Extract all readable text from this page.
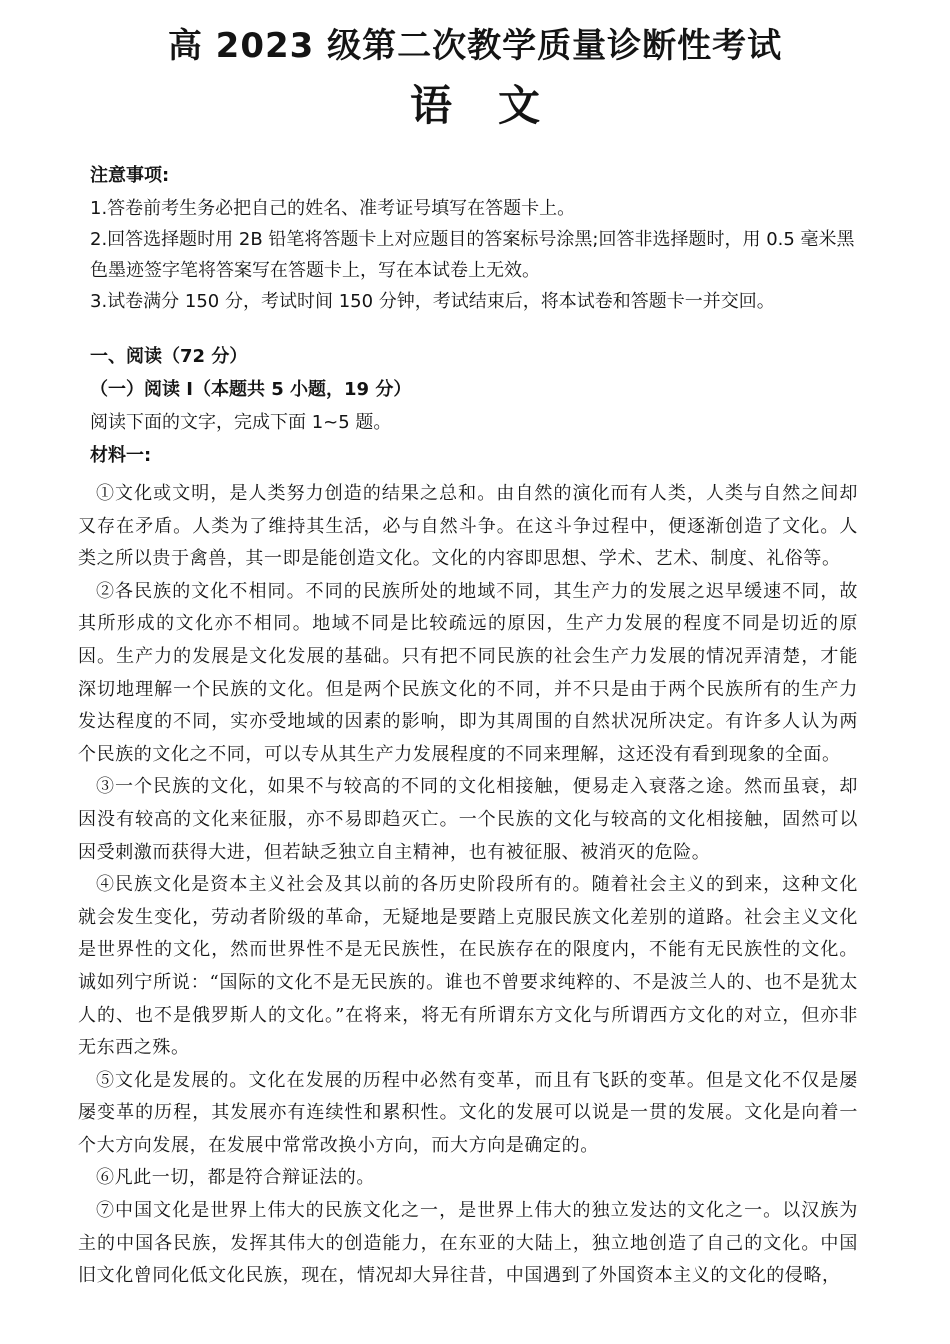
高 2023 级第二次教学质量诊断性考试
语文
注意事项:

1.答卷前考生务必把自己的姓名、准考证号填写在答题卡上。

2.回答选择题时用 2B 铅笔将答题卡上对应题目的答案标号涂黑;回答非选择题时，用 0.5 毫米黑色墨迹签字笔将答案写在答题卡上，写在本试卷上无效。

3.试卷满分 150 分，考试时间 150 分钟，考试结束后，将本试卷和答题卡一并交回。

一、阅读（72 分）

（一）阅读 I（本题共 5 小题，19 分）

阅读下面的文字，完成下面 1~5 题。

材料一:

①文化或文明，是人类努力创造的结果之总和。由自然的演化而有人类，人类与自然之间却又存在矛盾。人类为了维持其生活，必与自然斗争。在这斗争过程中，便逐渐创造了文化。人类之所以贵于禽兽，其一即是能创造文化。文化的内容即思想、学术、艺术、制度、礼俗等。

②各民族的文化不相同。不同的民族所处的地域不同，其生产力的发展之迟早缓速不同，故其所形成的文化亦不相同。地域不同是比较疏远的原因，生产力发展的程度不同是切近的原因。生产力的发展是文化发展的基础。只有把不同民族的社会生产力发展的情况弄清楚，才能深切地理解一个民族的文化。但是两个民族文化的不同，并不只是由于两个民族所有的生产力发达程度的不同，实亦受地域的因素的影响，即为其周围的自然状况所决定。有许多人认为两个民族的文化之不同，可以专从其生产力发展程度的不同来理解，这还没有看到现象的全面。

③一个民族的文化，如果不与较高的不同的文化相接触，便易走入衰落之途。然而虽衰，却因没有较高的文化来征服，亦不易即趋灭亡。一个民族的文化与较高的文化相接触，固然可以因受刺激而获得大进，但若缺乏独立自主精神，也有被征服、被消灭的危险。

④民族文化是资本主义社会及其以前的各历史阶段所有的。随着社会主义的到来，这种文化就会发生变化，劳动者阶级的革命，无疑地是要踏上克服民族文化差别的道路。社会主义文化是世界性的文化，然而世界性不是无民族性，在民族存在的限度内，不能有无民族性的文化。诚如列宁所说：“国际的文化不是无民族的。谁也不曾要求纯粹的、不是波兰人的、也不是犹太人的、也不是俄罗斯人的文化。”在将来，将无有所谓东方文化与所谓西方文化的对立，但亦非无东西之殊。

⑤文化是发展的。文化在发展的历程中必然有变革，而且有飞跃的变革。但是文化不仅是屡屡变革的历程，其发展亦有连续性和累积性。文化的发展可以说是一贯的发展。文化是向着一个大方向发展，在发展中常常改换小方向，而大方向是确定的。

⑥凡此一切，都是符合辩证法的。

⑦中国文化是世界上伟大的民族文化之一，是世界上伟大的独立发达的文化之一。以汉族为主的中国各民族，发挥其伟大的创造能力，在东亚的大陆上，独立地创造了自己的文化。中国旧文化曾同化低文化民族，现在，情况却大异往昔，中国遇到了外国资本主义的文化的侵略，
